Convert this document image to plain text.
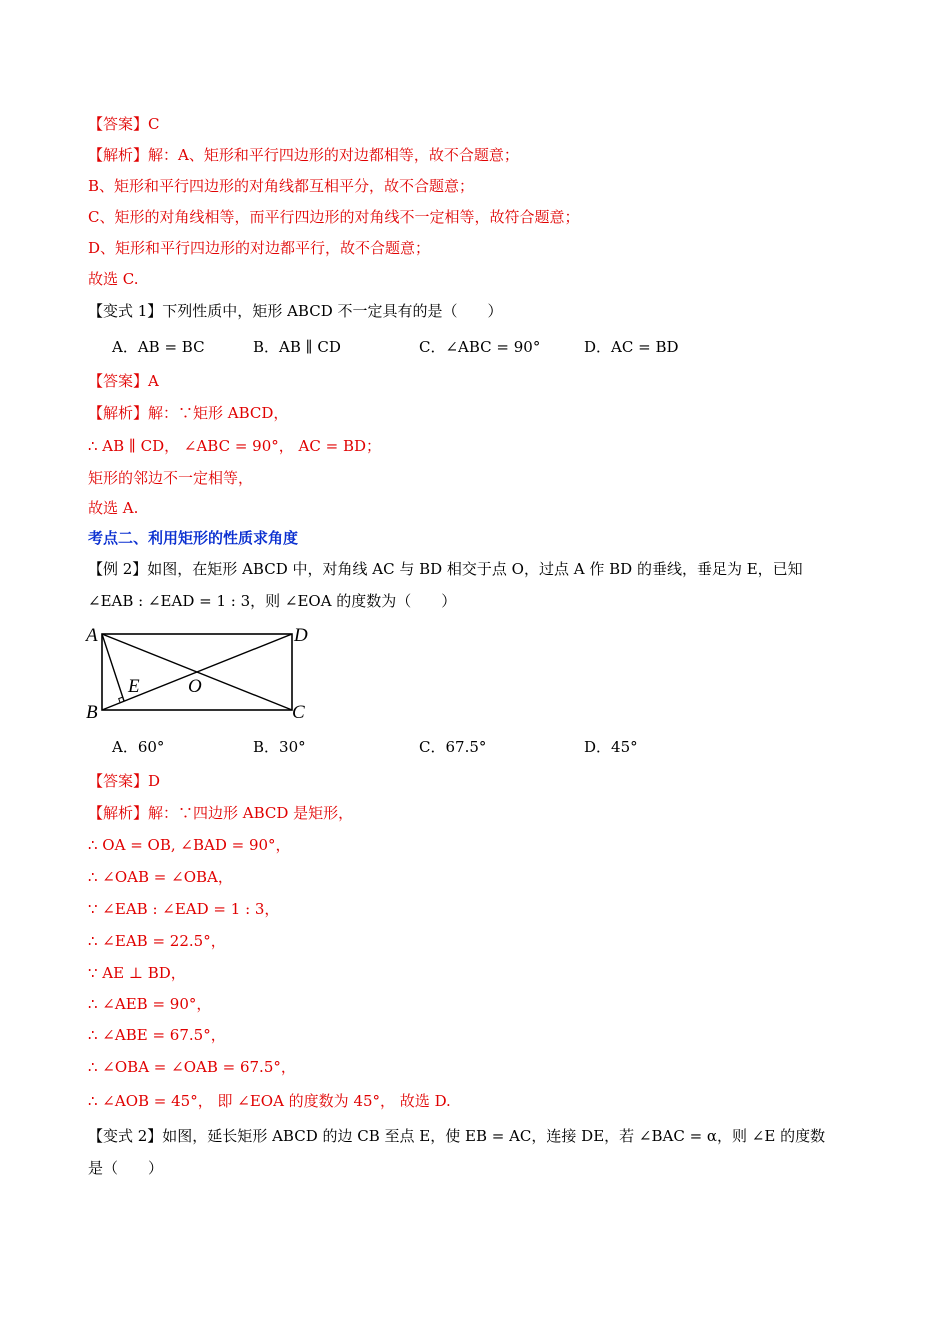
【答案】C
【解析】解：A、矩形和平行四边形的对边都相等，故不合题意；
B、矩形和平行四边形的对角线都互相平分，故不合题意；
C、矩形的对角线相等，而平行四边形的对角线不一定相等，故符合题意；
D、矩形和平行四边形的对边都平行，故不合题意；
故选 C.
【变式 1】下列性质中，矩形 ABCD 不一定具有的是（　　）
A．AB = BC	B．AB ∥ CD	C．∠ABC = 90°	D．AC = BD
【答案】A
【解析】解：∵矩形 ABCD，
∴ AB ∥ CD， ∠ABC = 90°， AC = BD；
矩形的邻边不一定相等，
故选 A.
考点二、利用矩形的性质求角度
【例 2】如图，在矩形 ABCD 中，对角线 AC 与 BD 相交于点 O，过点 A 作 BD 的垂线，垂足为 E，已知
∠EAB : ∠EAD = 1 : 3，则 ∠EOA 的度数为（　　）
A	D
B	C
E	O
A．60°	B．30°	C．67.5°	D．45°
【答案】D
【解析】解：∵四边形 ABCD 是矩形，
∴ OA = OB, ∠BAD = 90°，
∴ ∠OAB = ∠OBA，
∵ ∠EAB : ∠EAD = 1 : 3，
∴ ∠EAB = 22.5°，
∵ AE ⊥ BD，
∴ ∠AEB = 90°，
∴ ∠ABE = 67.5°，
∴ ∠OBA = ∠OAB = 67.5°，
∴ ∠AOB = 45°， 即 ∠EOA 的度数为 45°， 故选 D.
【变式 2】如图，延长矩形 ABCD 的边 CB 至点 E，使 EB = AC，连接 DE，若 ∠BAC = α，则 ∠E 的度数
是（　　）
